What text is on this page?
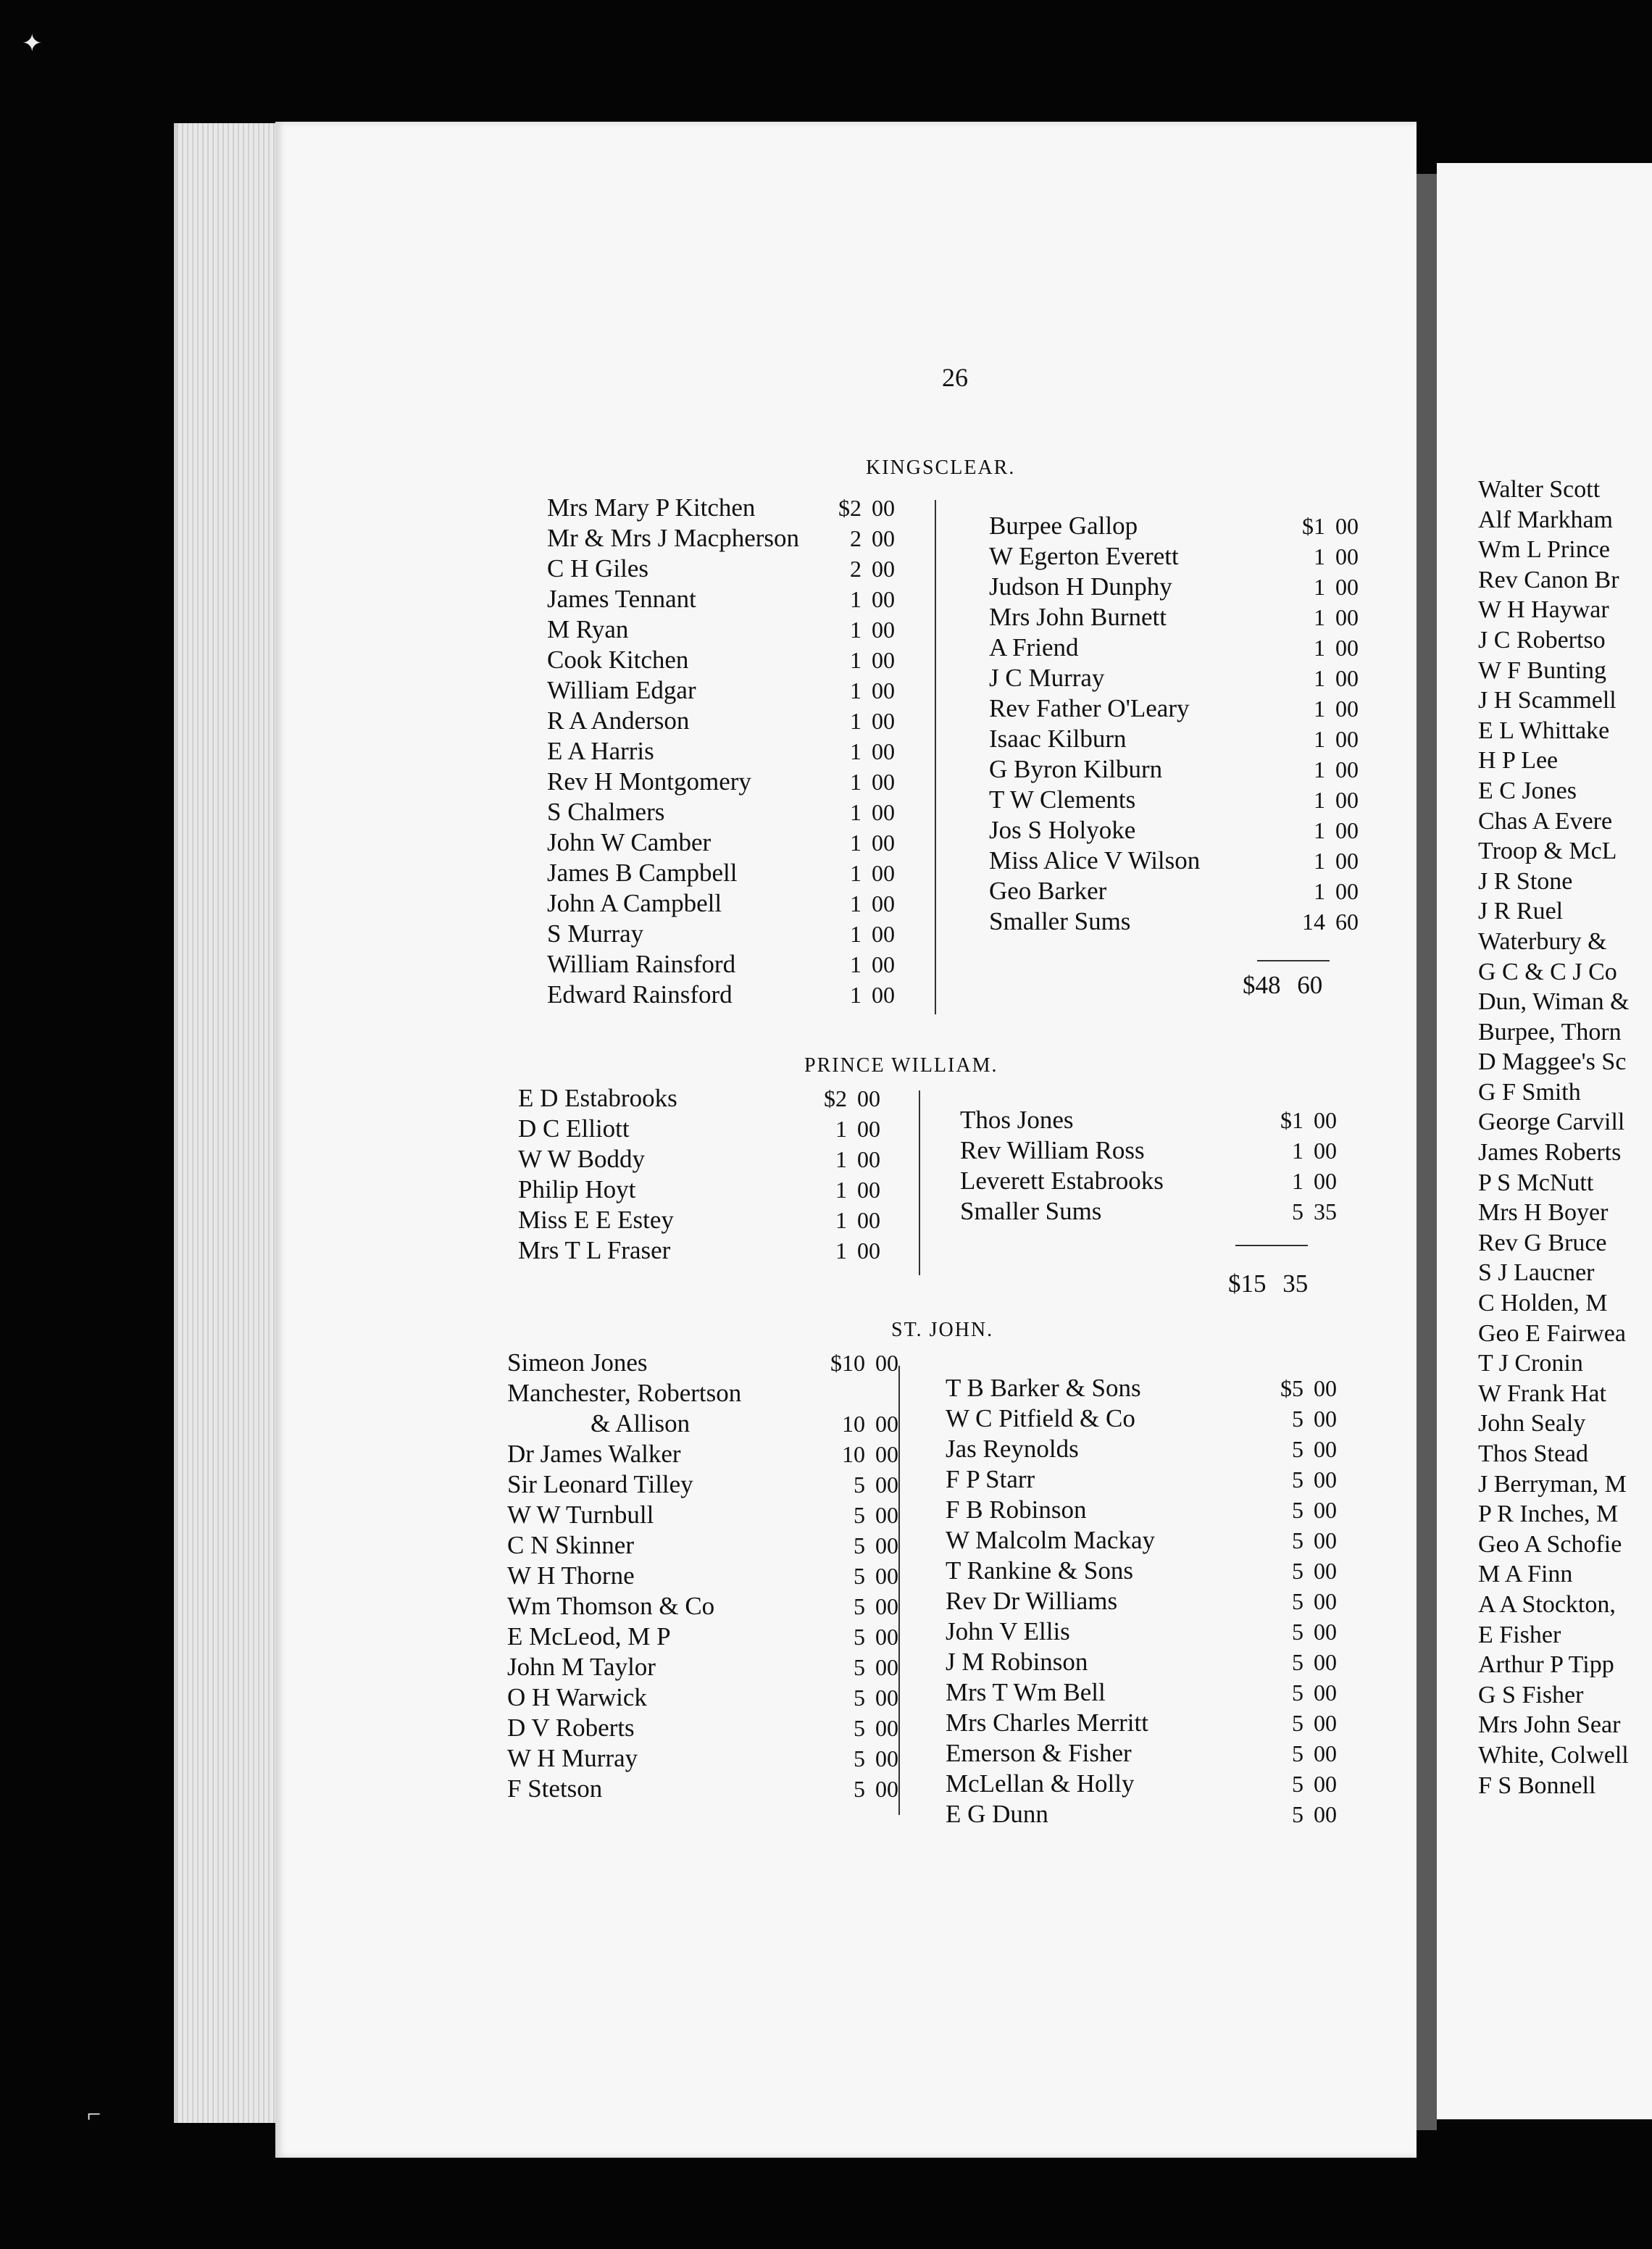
26
KINGSCLEAR.
Mrs Mary P Kitchen	$2 00
Mr & Mrs J Macpherson 2 00
C H Giles	2 00
James Tennant	1 00
M Ryan	1 00
Cook Kitchen	1 00
William Edgar	1 00
R A Anderson	1 00
E A Harris	1 00
Rev H Montgomery	1 00
S Chalmers	1 00
John W Camber	1 00
James B Campbell	1 00
John A Campbell	1 00
S Murray	1 00
William Rainsford	1 00
Edward Rainsford	1 00
Burpee Gallop	$1 00
W Egerton Everett	1 00
Judson H Dunphy	1 00
Mrs John Burnett	1 00
A Friend	1 00
J C Murray	1 00
Rev Father O'Leary	1 00
Isaac Kilburn	1 00
G Byron Kilburn	1 00
T W Clements	1 00
Jos S Holyoke	1 00
Miss Alice V Wilson	1 00
Geo Barker	1 00
Smaller Sums	14 60
$48 60
PRINCE WILLIAM.
E D Estabrooks	$2 00
D C Elliott	1 00
W W Boddy	1 00
Philip Hoyt	1 00
Miss E E Estey	1 00
Mrs T L Fraser	1 00
Thos Jones	$1 00
Rev William Ross	1 00
Leverett Estabrooks	1 00
Smaller Sums	5 35
$15 35
ST. JOHN.
Simeon Jones	$10 00
Manchester, Robertson
& Allison	10 00
Dr James Walker	10 00
Sir Leonard Tilley	5 00
W W Turnbull	5 00
C N Skinner	5 00
W H Thorne	5 00
Wm Thomson & Co	5 00
E McLeod, M P	5 00
John M Taylor	5 00
O H Warwick	5 00
D V Roberts	5 00
W H Murray	5 00
F Stetson	5 00
T B Barker & Sons	$5 00
W C Pitfield & Co	5 00
Jas Reynolds	5 00
F P Starr	5 00
F B Robinson	5 00
W Malcolm Mackay	5 00
T Rankine & Sons	5 00
Rev Dr Williams	5 00
John V Ellis	5 00
J M Robinson	5 00
Mrs T Wm Bell	5 00
Mrs Charles Merritt	5 00
Emerson & Fisher	5 00
McLellan & Holly	5 00
E G Dunn	5 00
Walter Scott
Alf Markham
Wm L Prince
Rev Canon Br
W H Haywar
J C Robertso
W F Bunting
J H Scammell
E L Whittake
H P Lee
E C Jones
Chas A Evere
Troop & McL
J R Stone
J R Ruel
Waterbury &
G C & C J Co
Dun, Wiman &
Burpee, Thorn
D Maggee's Sc
G F Smith
George Carvill
James Roberts
P S McNutt
Mrs H Boyer
Rev G Bruce
S J Laucner
C Holden, M
Geo E Fairwea
T J Cronin
W Frank Hat
John Sealy
Thos Stead
J Berryman, M
P R Inches, M
Geo A Schofie
M A Finn
A A Stockton,
E Fisher
Arthur P Tipp
G S Fisher
Mrs John Sear
White, Colwell
F S Bonnell
✦
⌐
